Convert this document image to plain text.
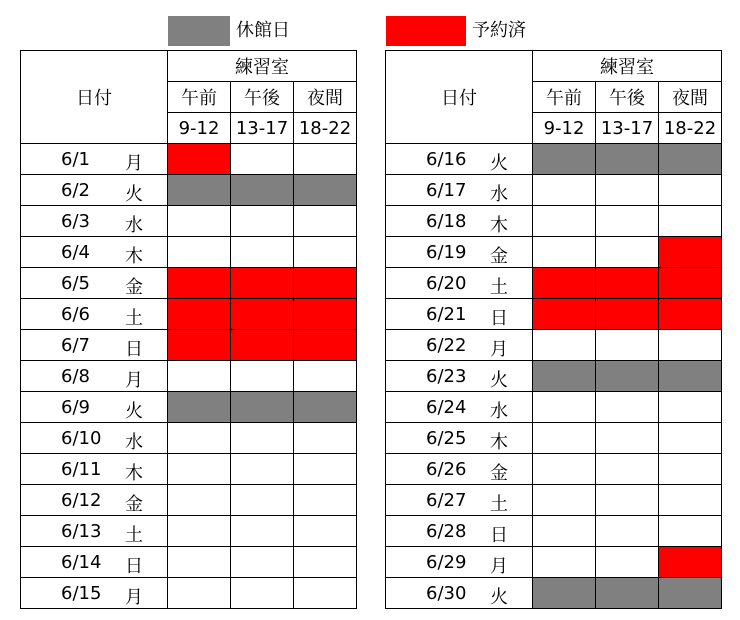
休館日	予約済
日付	練習室		
	午前	午後	夜間
	9-12	13-17	18-22

6/1 月			

6/2 火			

6/3 水			

6/4 木			

6/5 金			

6/6 土			

6/7 日			

6/8 月			

6/9 火			

6/10 水			

6/11 木			

6/12 金			

6/13 土			

6/14 日			

6/15 月			

日付	練習室		
	午前	午後	夜間
	9-12	13-17	18-22

6/16 火			

6/17 水			

6/18 木			

6/19 金			

6/20 土			

6/21 日			

6/22 月			

6/23 火			

6/24 水			

6/25 木			

6/26 金			

6/27 土			

6/28 日			

6/29 月			

6/30 火			
